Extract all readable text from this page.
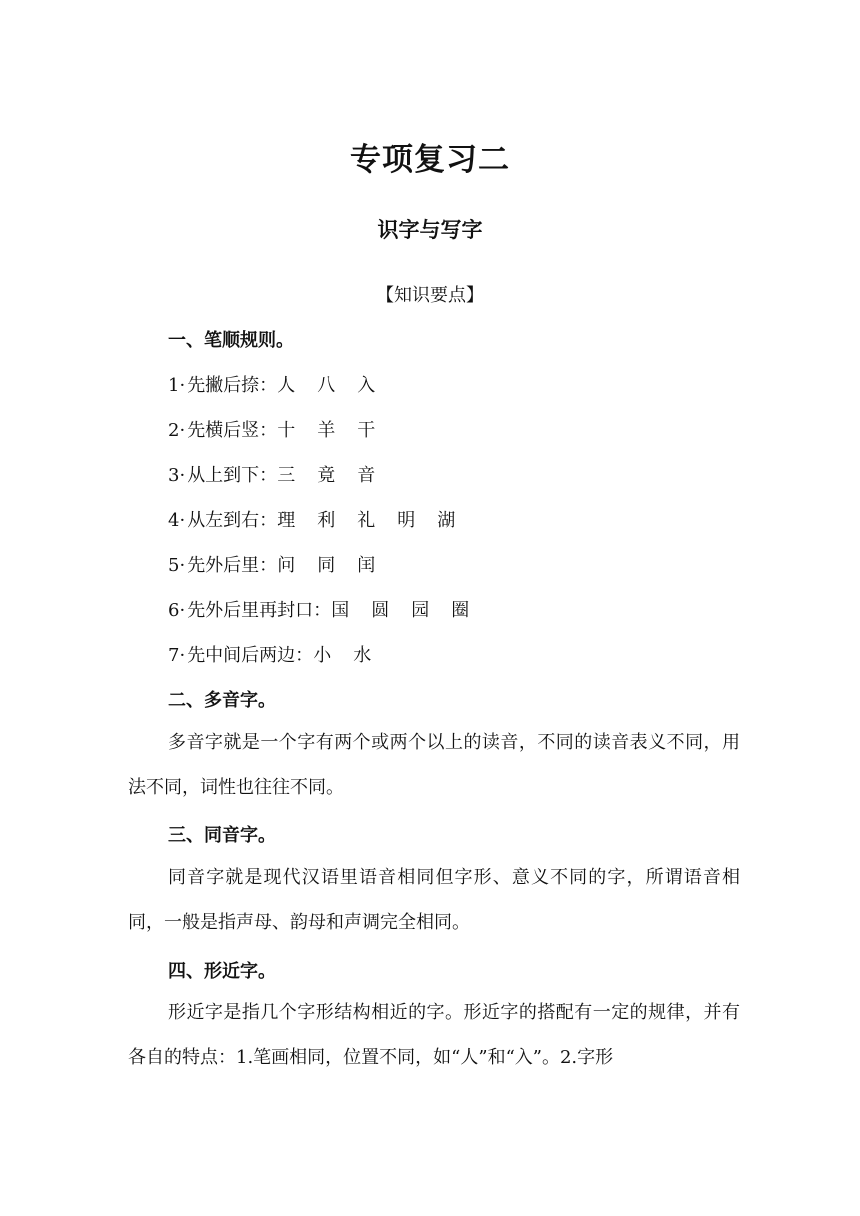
专项复习二
识字与写字
【知识要点】
一、笔顺规则。
1· 先撇后捺：人 八 入
2· 先横后竖：十 羊 干
3· 从上到下：三 竟 音
4· 从左到右：理 利 礼 明 湖
5· 先外后里：问 同 闰
6· 先外后里再封口：国 圆 园 圈
7· 先中间后两边：小 水
二、多音字。
多音字就是一个字有两个或两个以上的读音，不同的读音表义不同，用法不同，词性也往往不同。
三、同音字。
同音字就是现代汉语里语音相同但字形、意义不同的字，所谓语音相同，一般是指声母、韵母和声调完全相同。
四、形近字。
形近字是指几个字形结构相近的字。形近字的搭配有一定的规律，并有各自的特点：1.笔画相同，位置不同，如“人”和“入”。2.字形
